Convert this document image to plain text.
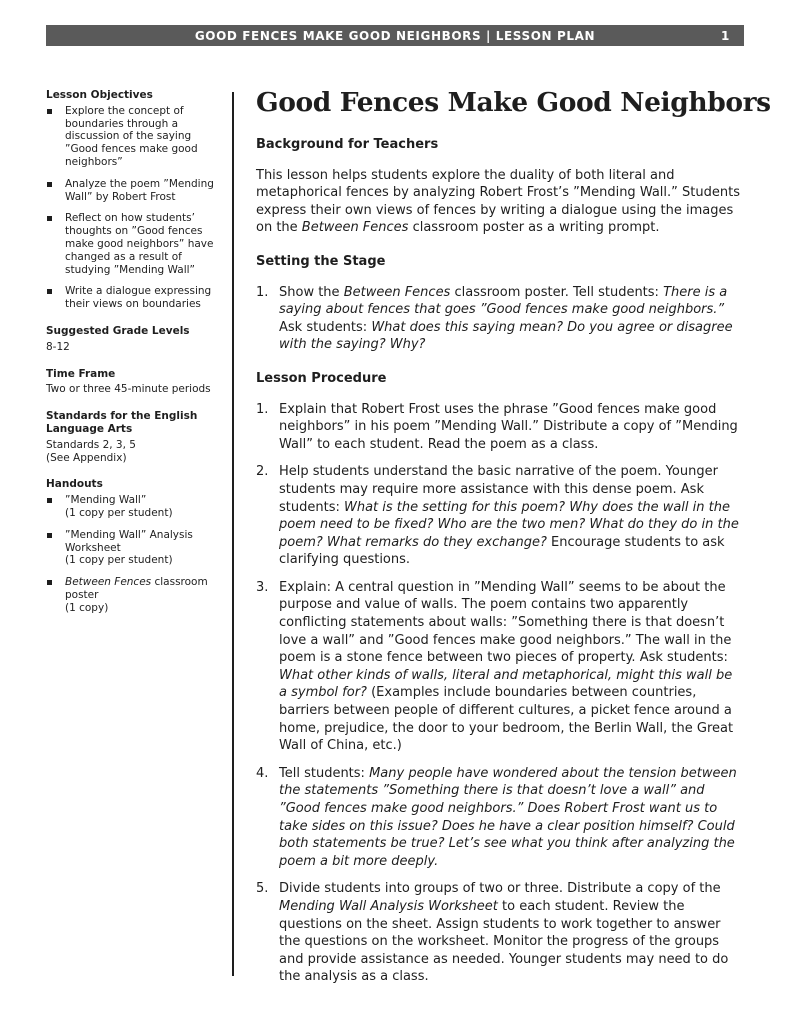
GOOD FENCES MAKE GOOD NEIGHBORS | LESSON PLAN	1
Lesson Objectives
Explore the concept of boundaries through a discussion of the saying ”Good fences make good neighbors”
Analyze the poem ”Mending Wall” by Robert Frost
Reflect on how students’ thoughts on ”Good fences make good neighbors” have changed as a result of studying ”Mending Wall”
Write a dialogue expressing their views on boundaries
Suggested Grade Levels
8-12
Time Frame
Two or three 45-minute periods
Standards for the English Language Arts
Standards 2, 3, 5
(See Appendix)
Handouts
”Mending Wall”
(1 copy per student)
”Mending Wall” Analysis Worksheet
(1 copy per student)
Between Fences classroom poster
(1 copy)
Good Fences Make Good Neighbors
Background for Teachers

This lesson helps students explore the duality of both literal and metaphorical fences by analyzing Robert Frost’s ”Mending Wall.” Students express their own views of fences by writing a dialogue using the images on the Between Fences classroom poster as a writing prompt.

Setting the Stage
1. Show the Between Fences classroom poster. Tell students: There is a saying about fences that goes ”Good fences make good neighbors.” Ask students: What does this saying mean? Do you agree or disagree with the saying? Why?
Lesson Procedure
1. Explain that Robert Frost uses the phrase ”Good fences make good neighbors” in his poem ”Mending Wall.” Distribute a copy of ”Mending Wall” to each student. Read the poem as a class.
2. Help students understand the basic narrative of the poem. Younger students may require more assistance with this dense poem. Ask students: What is the setting for this poem? Why does the wall in the poem need to be fixed? Who are the two men? What do they do in the poem? What remarks do they exchange? Encourage students to ask clarifying questions.
3. Explain: A central question in ”Mending Wall” seems to be about the purpose and value of walls. The poem contains two apparently conflicting statements about walls: ”Something there is that doesn’t love a wall” and ”Good fences make good neighbors.” The wall in the poem is a stone fence between two pieces of property. Ask students: What other kinds of walls, literal and metaphorical, might this wall be a symbol for? (Examples include boundaries between countries, barriers between people of different cultures, a picket fence around a home, prejudice, the door to your bedroom, the Berlin Wall, the Great Wall of China, etc.)
4. Tell students: Many people have wondered about the tension between the statements ”Something there is that doesn’t love a wall” and ”Good fences make good neighbors.” Does Robert Frost want us to take sides on this issue? Does he have a clear position himself? Could both statements be true? Let’s see what you think after analyzing the poem a bit more deeply.
5. Divide students into groups of two or three. Distribute a copy of the Mending Wall Analysis Worksheet to each student. Review the questions on the sheet. Assign students to work together to answer the questions on the worksheet. Monitor the progress of the groups and provide assistance as needed. Younger students may need to do the analysis as a class.
